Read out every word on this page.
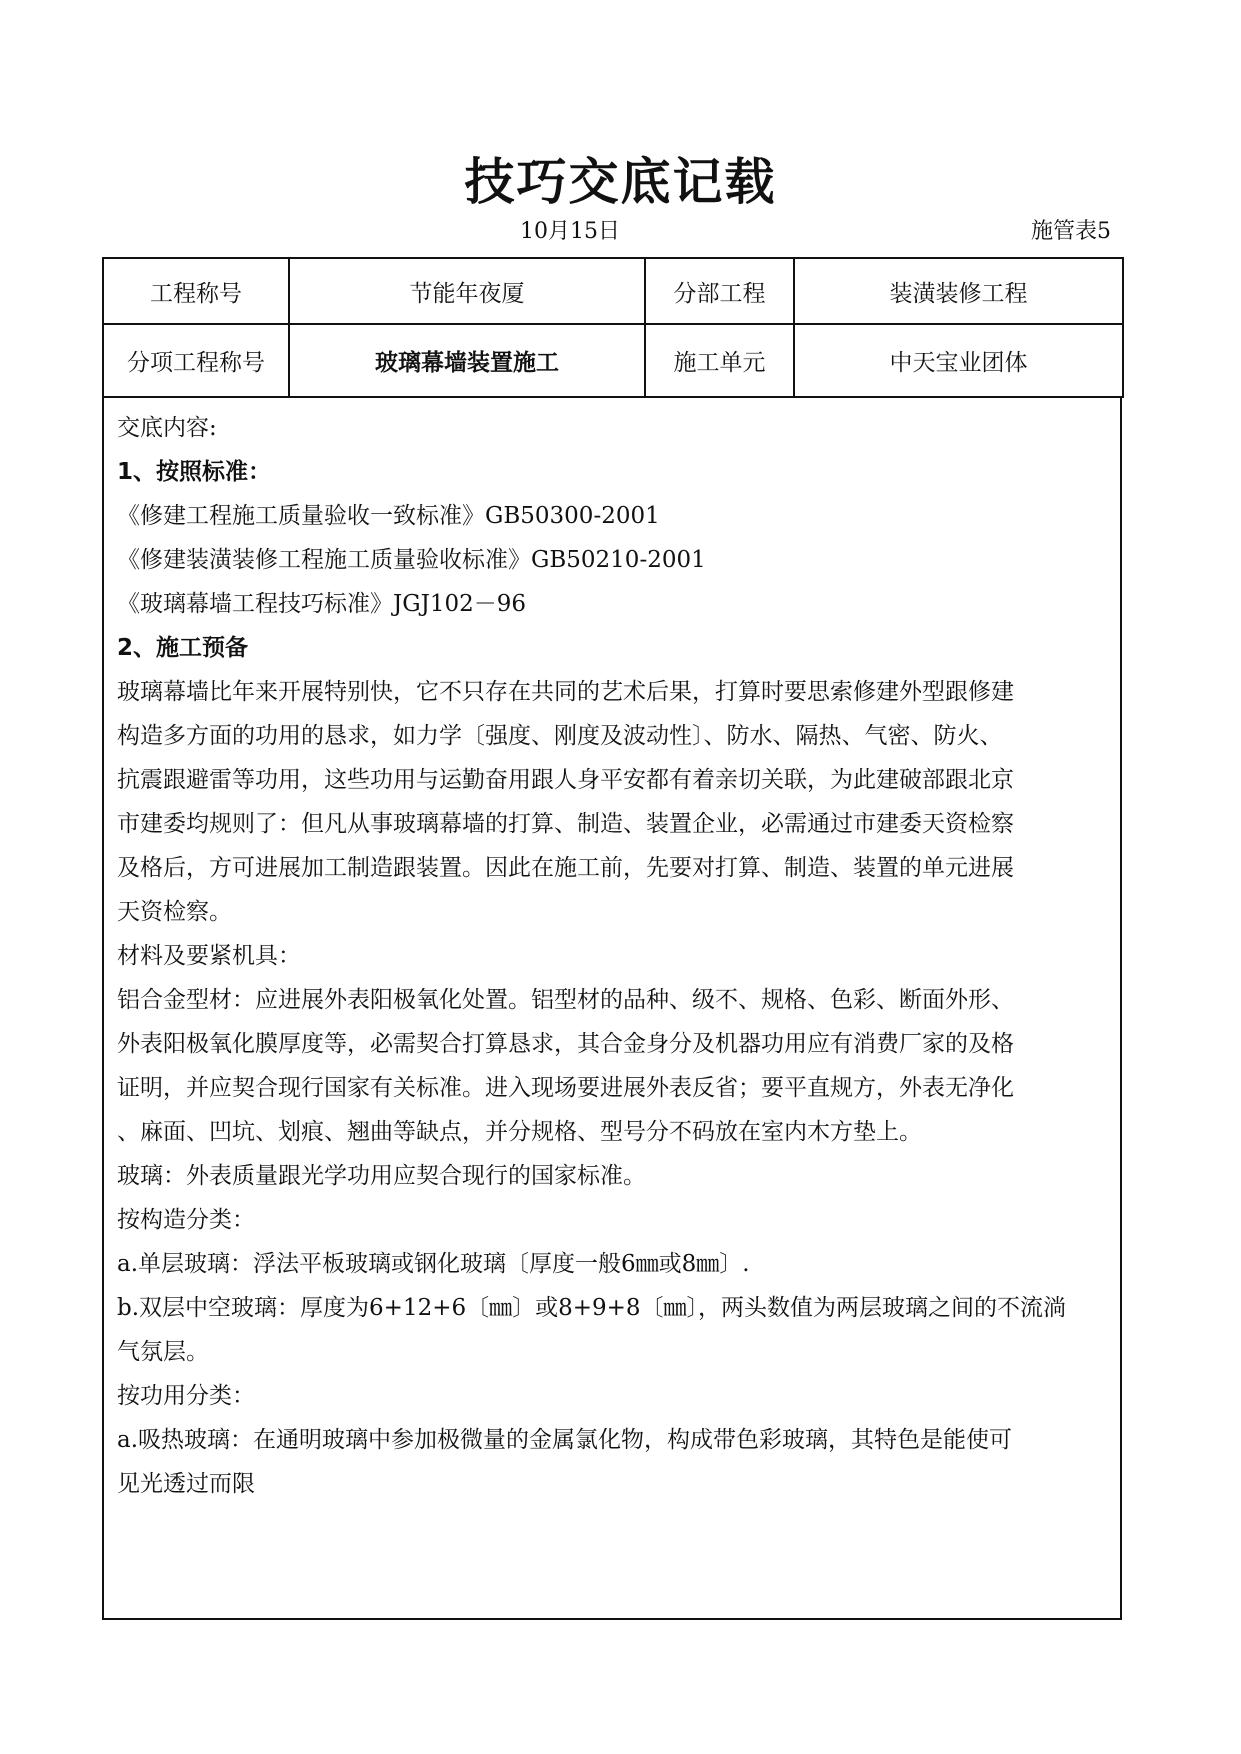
技巧交底记载
10月15日	施管表5
工程称号	节能年夜厦	分部工程	装潢装修工程
分项工程称号	玻璃幕墙装置施工	施工单元	中天宝业团体
交底内容:
1、按照标准：
《修建工程施工质量验收一致标准》GB50300-2001
《修建装潢装修工程施工质量验收标准》GB50210-2001
《玻璃幕墙工程技巧标准》JGJ102－96
2、施工预备
玻璃幕墙比年来开展特别快，它不只存在共同的艺术后果，打算时要思索修建外型跟修建
构造多方面的功用的恳求，如力学〔强度、刚度及波动性〕、防水、隔热、气密、防火、
抗震跟避雷等功用，这些功用与运勤奋用跟人身平安都有着亲切关联，为此建破部跟北京
市建委均规则了：但凡从事玻璃幕墙的打算、制造、装置企业，必需通过市建委天资检察
及格后，方可进展加工制造跟装置。因此在施工前，先要对打算、制造、装置的单元进展
天资检察。
材料及要紧机具：
铝合金型材：应进展外表阳极氧化处置。铝型材的品种、级不、规格、色彩、断面外形、
外表阳极氧化膜厚度等，必需契合打算恳求，其合金身分及机器功用应有消费厂家的及格
证明，并应契合现行国家有关标准。进入现场要进展外表反省；要平直规方，外表无净化
、麻面、凹坑、划痕、翘曲等缺点，并分规格、型号分不码放在室内木方垫上。
玻璃：外表质量跟光学功用应契合现行的国家标准。
按构造分类：
a.单层玻璃：浮法平板玻璃或钢化玻璃〔厚度一般6㎜或8㎜〕.
b.双层中空玻璃：厚度为6+12+6〔㎜〕或8+9+8〔㎜〕，两头数值为两层玻璃之间的不流淌
气氛层。
按功用分类：
a.吸热玻璃：在通明玻璃中参加极微量的金属氯化物，构成带色彩玻璃，其特色是能使可
见光透过而限
